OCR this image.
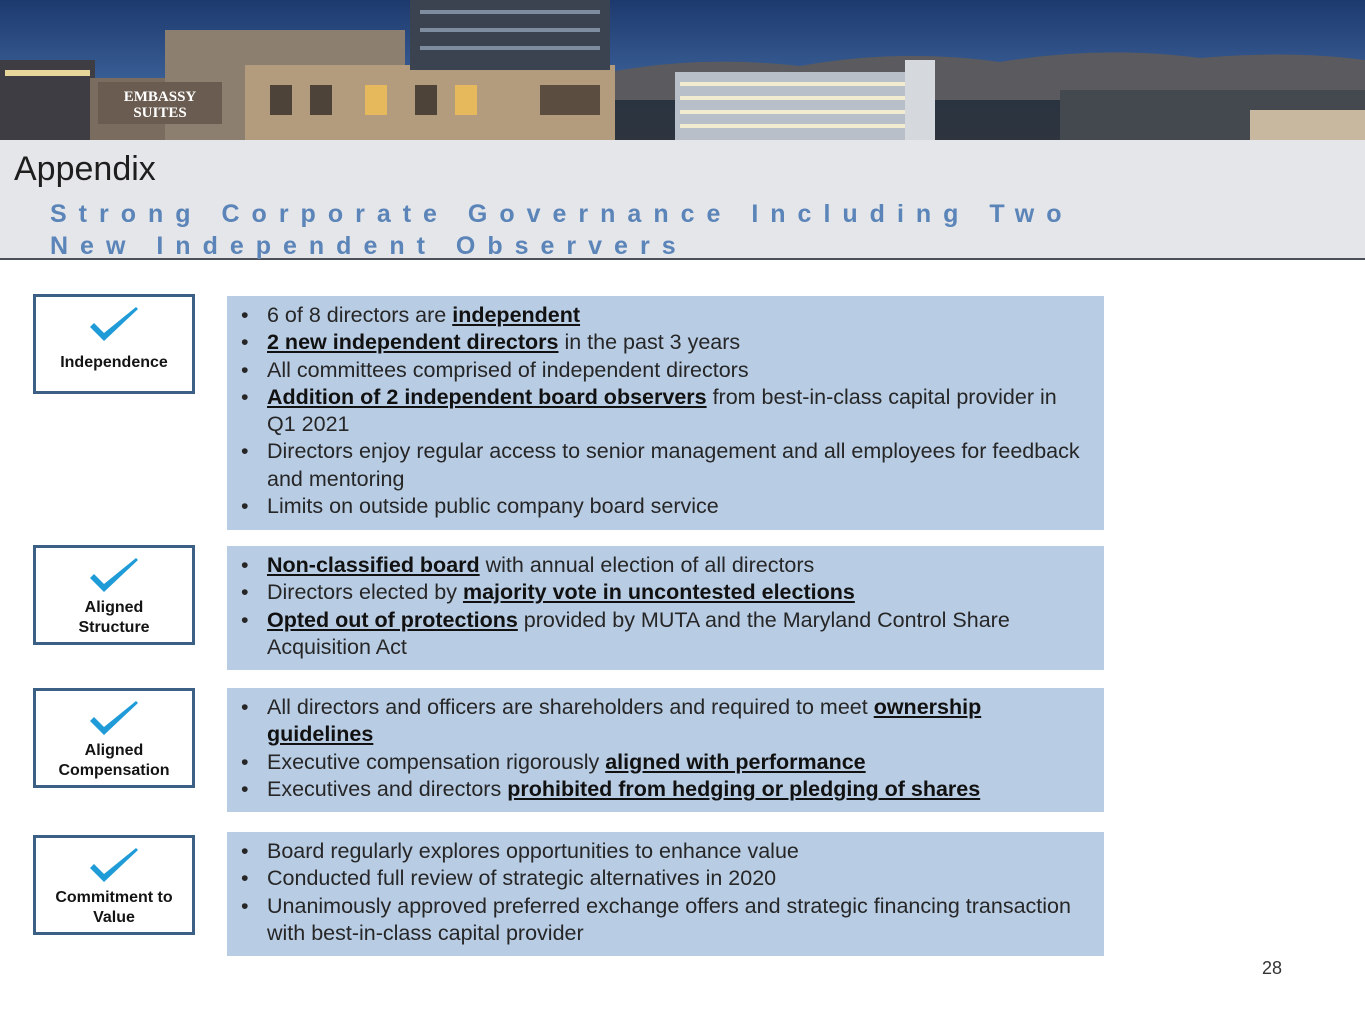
EMBASSY
SUITES
Appendix
Strong Corporate Governance Including Two New Independent Observers
Independence
Aligned Structure
Aligned Compensation
Commitment to Value
• 6 of 8 directors are independent
• 2 new independent directors in the past 3 years
• All committees comprised of independent directors
• Addition of 2 independent board observers from best-in-class capital provider in Q1 2021
• Directors enjoy regular access to senior management and all employees for feedback and mentoring
• Limits on outside public company board service
• Non-classified board with annual election of all directors
• Directors elected by majority vote in uncontested elections
• Opted out of protections provided by MUTA and the Maryland Control Share Acquisition Act
• All directors and officers are shareholders and required to meet ownership guidelines
• Executive compensation rigorously aligned with performance
• Executives and directors prohibited from hedging or pledging of shares
• Board regularly explores opportunities to enhance value
• Conducted full review of strategic alternatives in 2020
• Unanimously approved preferred exchange offers and strategic financing transaction with best-in-class capital provider
28
